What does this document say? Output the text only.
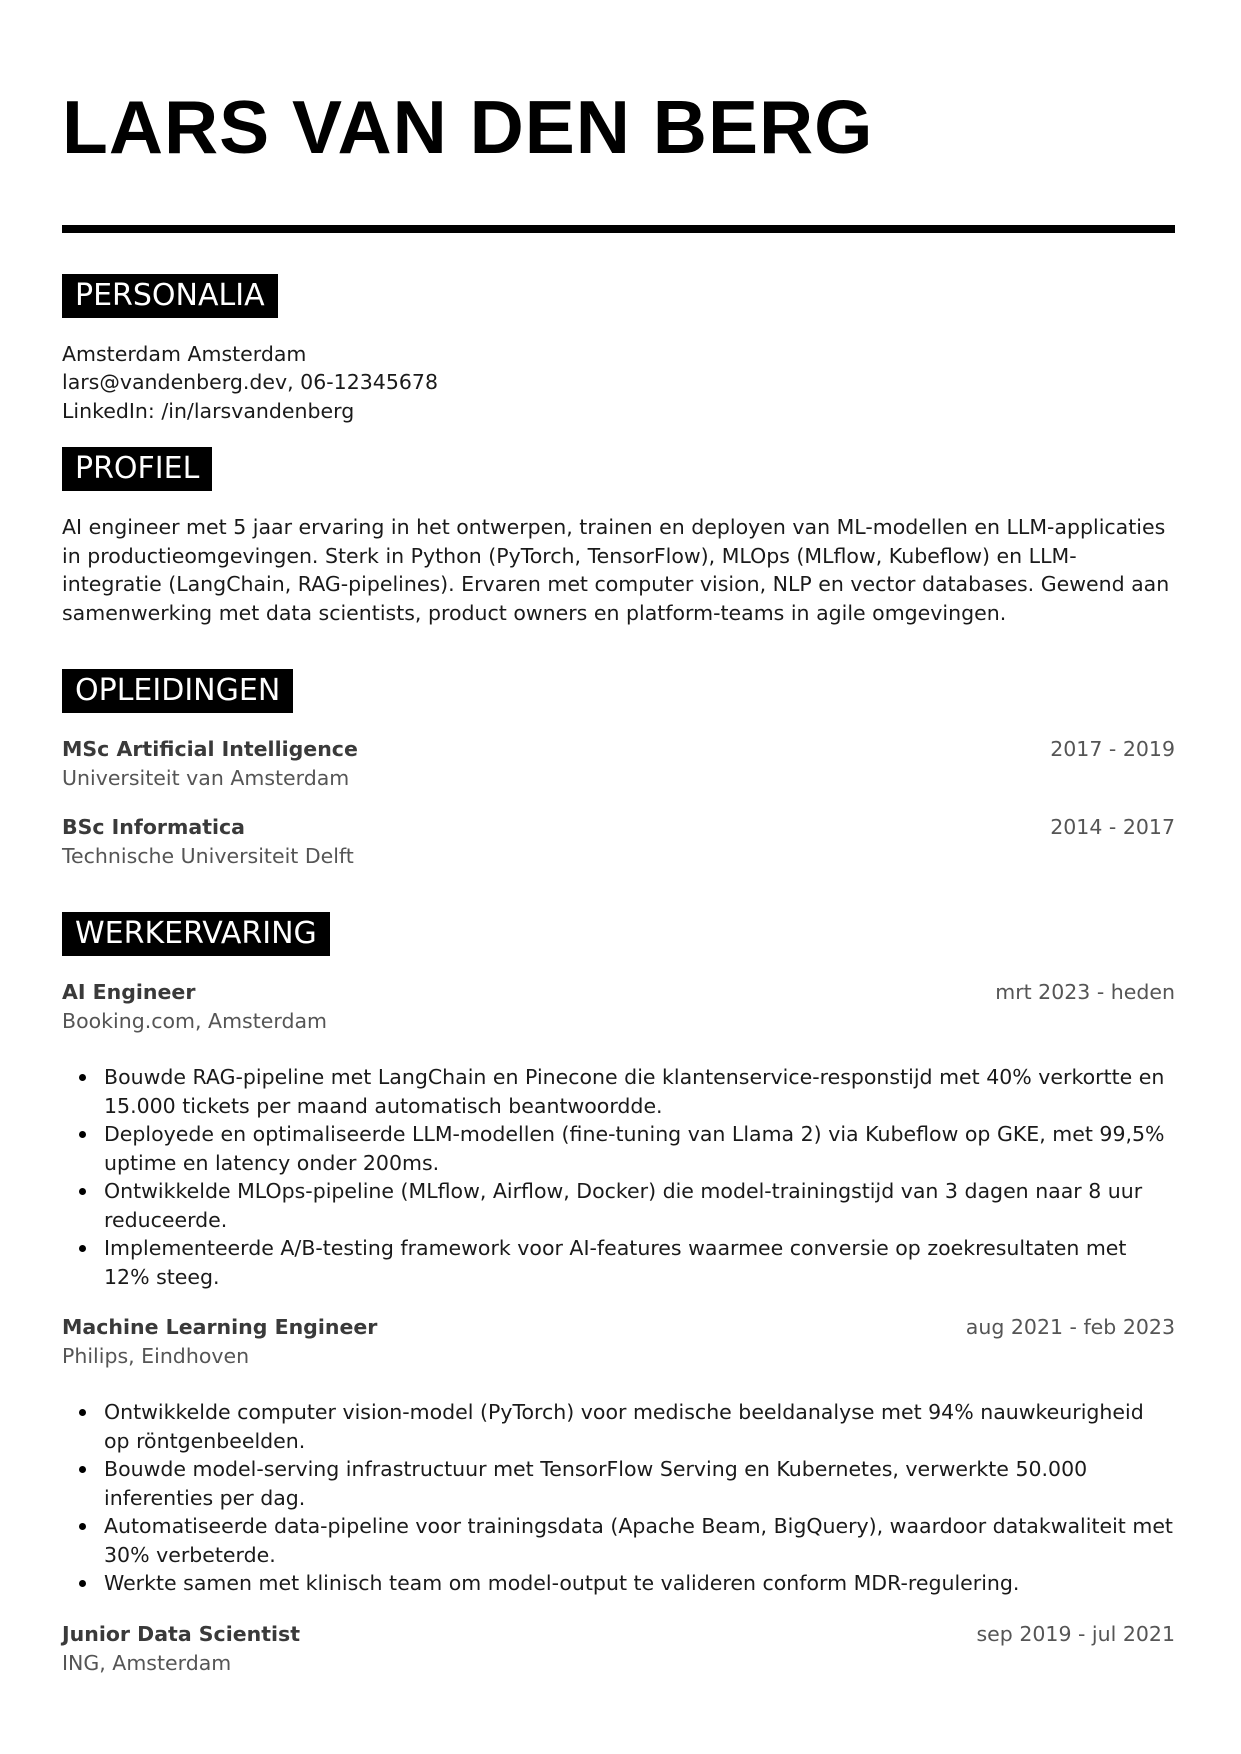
LARS VAN DEN BERG
PERSONALIA
Amsterdam Amsterdam
lars@vandenberg.dev, 06-12345678
LinkedIn: /in/larsvandenberg
PROFIEL

AI engineer met 5 jaar ervaring in het ontwerpen, trainen en deployen van ML-modellen en LLM-applicaties in productieomgevingen. Sterk in Python (PyTorch, TensorFlow), MLOps (MLflow, Kubeflow) en LLM-integratie (LangChain, RAG-pipelines). Ervaren met computer vision, NLP en vector databases. Gewend aan samenwerking met data scientists, product owners en platform-teams in agile omgevingen.

OPLEIDINGEN
MSc Artificial Intelligence	2017 - 2019
Universiteit van Amsterdam
BSc Informatica	2014 - 2017
Technische Universiteit Delft
WERKERVARING
AI Engineer	mrt 2023 - heden
Booking.com, Amsterdam
Bouwde RAG-pipeline met LangChain en Pinecone die klantenservice-responstijd met 40% verkortte en 15.000 tickets per maand automatisch beantwoordde.
Deployede en optimaliseerde LLM-modellen (fine-tuning van Llama 2) via Kubeflow op GKE, met 99,5% uptime en latency onder 200ms.
Ontwikkelde MLOps-pipeline (MLflow, Airflow, Docker) die model-trainingstijd van 3 dagen naar 8 uur reduceerde.
Implementeerde A/B-testing framework voor AI-features waarmee conversie op zoekresultaten met 12% steeg.
Machine Learning Engineer	aug 2021 - feb 2023
Philips, Eindhoven
Ontwikkelde computer vision-model (PyTorch) voor medische beeldanalyse met 94% nauwkeurigheid op röntgenbeelden.
Bouwde model-serving infrastructuur met TensorFlow Serving en Kubernetes, verwerkte 50.000 inferenties per dag.
Automatiseerde data-pipeline voor trainingsdata (Apache Beam, BigQuery), waardoor datakwaliteit met 30% verbeterde.
Werkte samen met klinisch team om model-output te valideren conform MDR-regulering.
Junior Data Scientist	sep 2019 - jul 2021
ING, Amsterdam
